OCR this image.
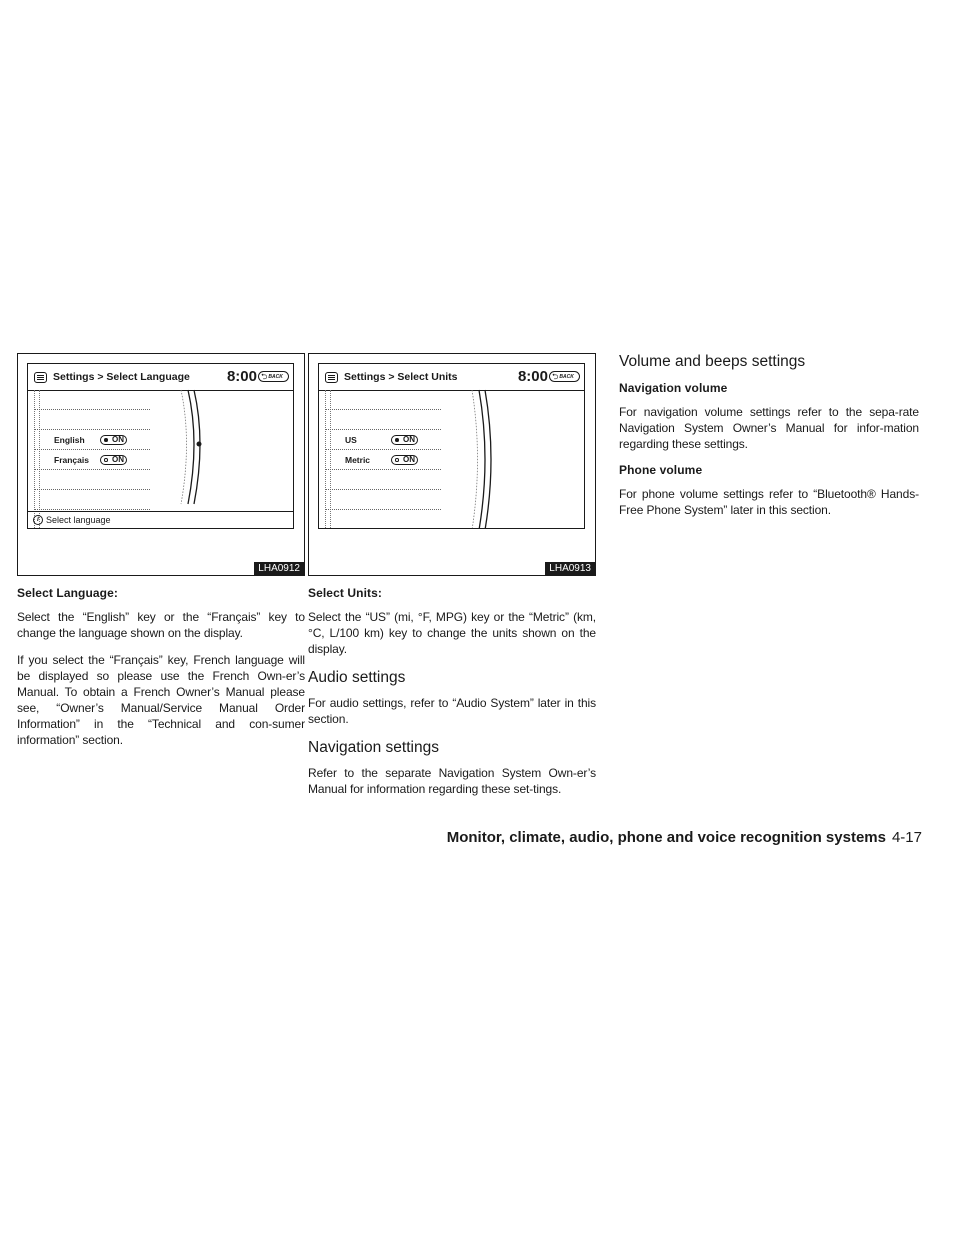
Settings > Select Language 8:00 ⮌ BACK
English	ON
Français	ON
i Select language
LHA0912
Select Language:

Select the “English” key or the “Français” key to change the language shown on the display.

If you select the “Français” key, French language will be displayed so please use the French Own-er’s Manual. To obtain a French Owner’s Manual please see, “Owner’s Manual/Service Manual Order Information” in the “Technical and con-sumer information” section.

Settings > Select Units	8:00 ⮌ BACK
US	ON
Metric	ON
LHA0913
Select Units:

Select the “US” (mi, °F, MPG) key or the “Metric” (km, °C, L/100 km) key to change the units shown on the display.

Audio settings

For audio settings, refer to “Audio System” later in this section.

Navigation settings

Refer to the separate Navigation System Own-er’s Manual for information regarding these set-tings.

Volume and beeps settings
Navigation volume

For navigation volume settings refer to the sepa-rate Navigation System Owner’s Manual for infor-mation regarding these settings.

Phone volume

For phone volume settings refer to “Bluetooth® Hands-Free Phone System” later in this section.

Monitor, climate, audio, phone and voice recognition systems 4-17
